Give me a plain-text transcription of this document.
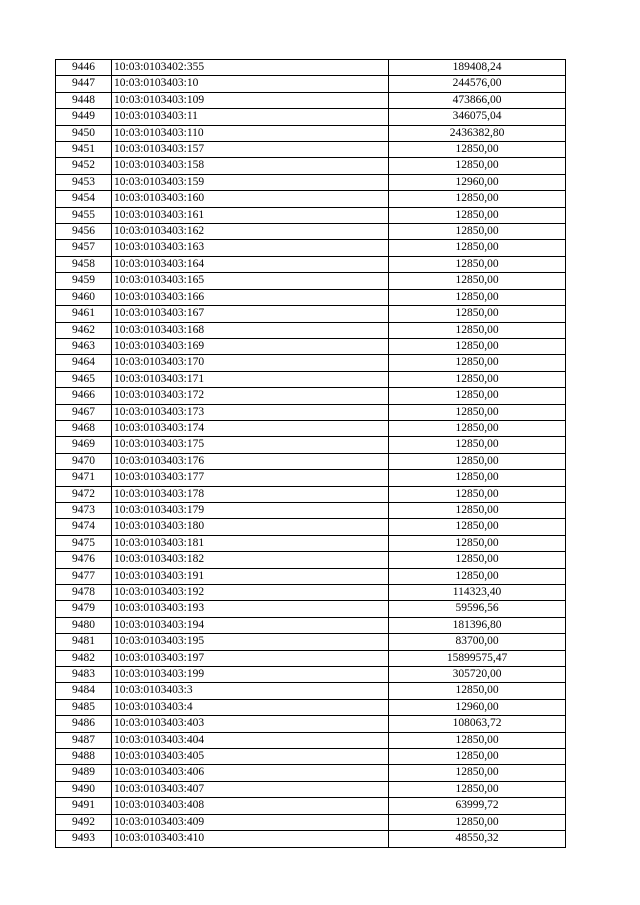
9446	10:03:0103402:355	189408,24
9447	10:03:0103403:10	244576,00
9448	10:03:0103403:109	473866,00
9449	10:03:0103403:11	346075,04
9450	10:03:0103403:110	2436382,80
9451	10:03:0103403:157	12850,00
9452	10:03:0103403:158	12850,00
9453	10:03:0103403:159	12960,00
9454	10:03:0103403:160	12850,00
9455	10:03:0103403:161	12850,00
9456	10:03:0103403:162	12850,00
9457	10:03:0103403:163	12850,00
9458	10:03:0103403:164	12850,00
9459	10:03:0103403:165	12850,00
9460	10:03:0103403:166	12850,00
9461	10:03:0103403:167	12850,00
9462	10:03:0103403:168	12850,00
9463	10:03:0103403:169	12850,00
9464	10:03:0103403:170	12850,00
9465	10:03:0103403:171	12850,00
9466	10:03:0103403:172	12850,00
9467	10:03:0103403:173	12850,00
9468	10:03:0103403:174	12850,00
9469	10:03:0103403:175	12850,00
9470	10:03:0103403:176	12850,00
9471	10:03:0103403:177	12850,00
9472	10:03:0103403:178	12850,00
9473	10:03:0103403:179	12850,00
9474	10:03:0103403:180	12850,00
9475	10:03:0103403:181	12850,00
9476	10:03:0103403:182	12850,00
9477	10:03:0103403:191	12850,00
9478	10:03:0103403:192	114323,40
9479	10:03:0103403:193	59596,56
9480	10:03:0103403:194	181396,80
9481	10:03:0103403:195	83700,00
9482	10:03:0103403:197	15899575,47
9483	10:03:0103403:199	305720,00
9484	10:03:0103403:3	12850,00
9485	10:03:0103403:4	12960,00
9486	10:03:0103403:403	108063,72
9487	10:03:0103403:404	12850,00
9488	10:03:0103403:405	12850,00
9489	10:03:0103403:406	12850,00
9490	10:03:0103403:407	12850,00
9491	10:03:0103403:408	63999,72
9492	10:03:0103403:409	12850,00
9493	10:03:0103403:410	48550,32
